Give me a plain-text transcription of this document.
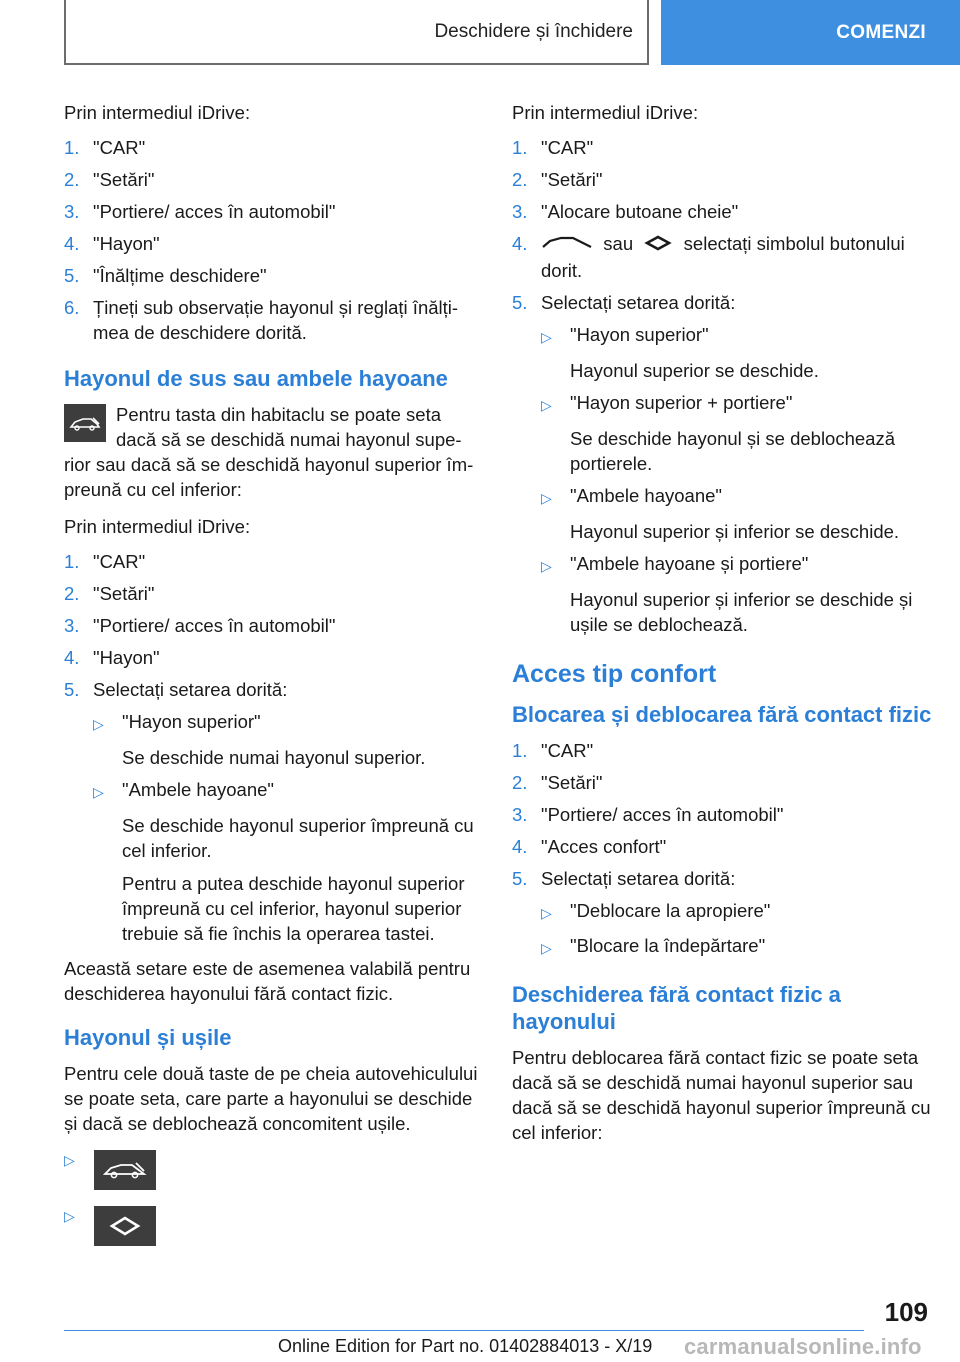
Deschidere și închidere	COMENZI

Prin intermediul iDrive:

1. "CAR"
2. "Setări"
3. "Portiere/ acces în automobil"
4. "Hayon"
5. "Înălțime deschidere"
6. Țineți sub observație hayonul și reglați înălțimea de deschidere dorită.
Hayonul de sus sau ambele hayoane
Pentru tasta din habitaclu se poate seta dacă să se deschidă numai hayonul superior sau dacă să se deschidă hayonul superior împreună cu cel inferior:

Prin intermediul iDrive:

1. "CAR"
2. "Setări"
3. "Portiere/ acces în automobil"
4. "Hayon"
5. Selectați setarea dorită:
▷ "Hayon superior"
Se deschide numai hayonul superior.
▷ "Ambele hayoane"
Se deschide hayonul superior împreună cu cel inferior.
Pentru a putea deschide hayonul superior împreună cu cel inferior, hayonul superior trebuie să fie închis la operarea tastei.

Această setare este de asemenea valabilă pentru deschiderea hayonului fără contact fizic.

Hayonul și ușile

Pentru cele două taste de pe cheia autovehiculului se poate seta, care parte a hayonului se deschide și dacă se deblochează concomitent ușile.

▷
▷

Prin intermediul iDrive:

1. "CAR"
2. "Setări"
3. "Alocare butoane cheie"
4.	sau	selectați simbolul butonului dorit.
5. Selectați setarea dorită:
▷ "Hayon superior"
Hayonul superior se deschide.
▷ "Hayon superior + portiere"
Se deschide hayonul și se deblochează portierele.
▷ "Ambele hayoane"
Hayonul superior și inferior se deschide.
▷ "Ambele hayoane și portiere"
Hayonul superior și inferior se deschide și ușile se deblochează.
Acces tip confort
Blocarea și deblocarea fără contact fizic
1. "CAR"
2. "Setări"
3. "Portiere/ acces în automobil"
4. "Acces confort"
5. Selectați setarea dorită:
▷ "Deblocare la apropiere"
▷ "Blocare la îndepărtare"
Deschiderea fără contact fizic a hayonului

Pentru deblocarea fără contact fizic se poate seta dacă să se deschidă numai hayonul superior sau dacă să se deschidă hayonul superior împreună cu cel inferior:

109
Online Edition for Part no. 01402884013 - X/19 carmanualsonline.info
